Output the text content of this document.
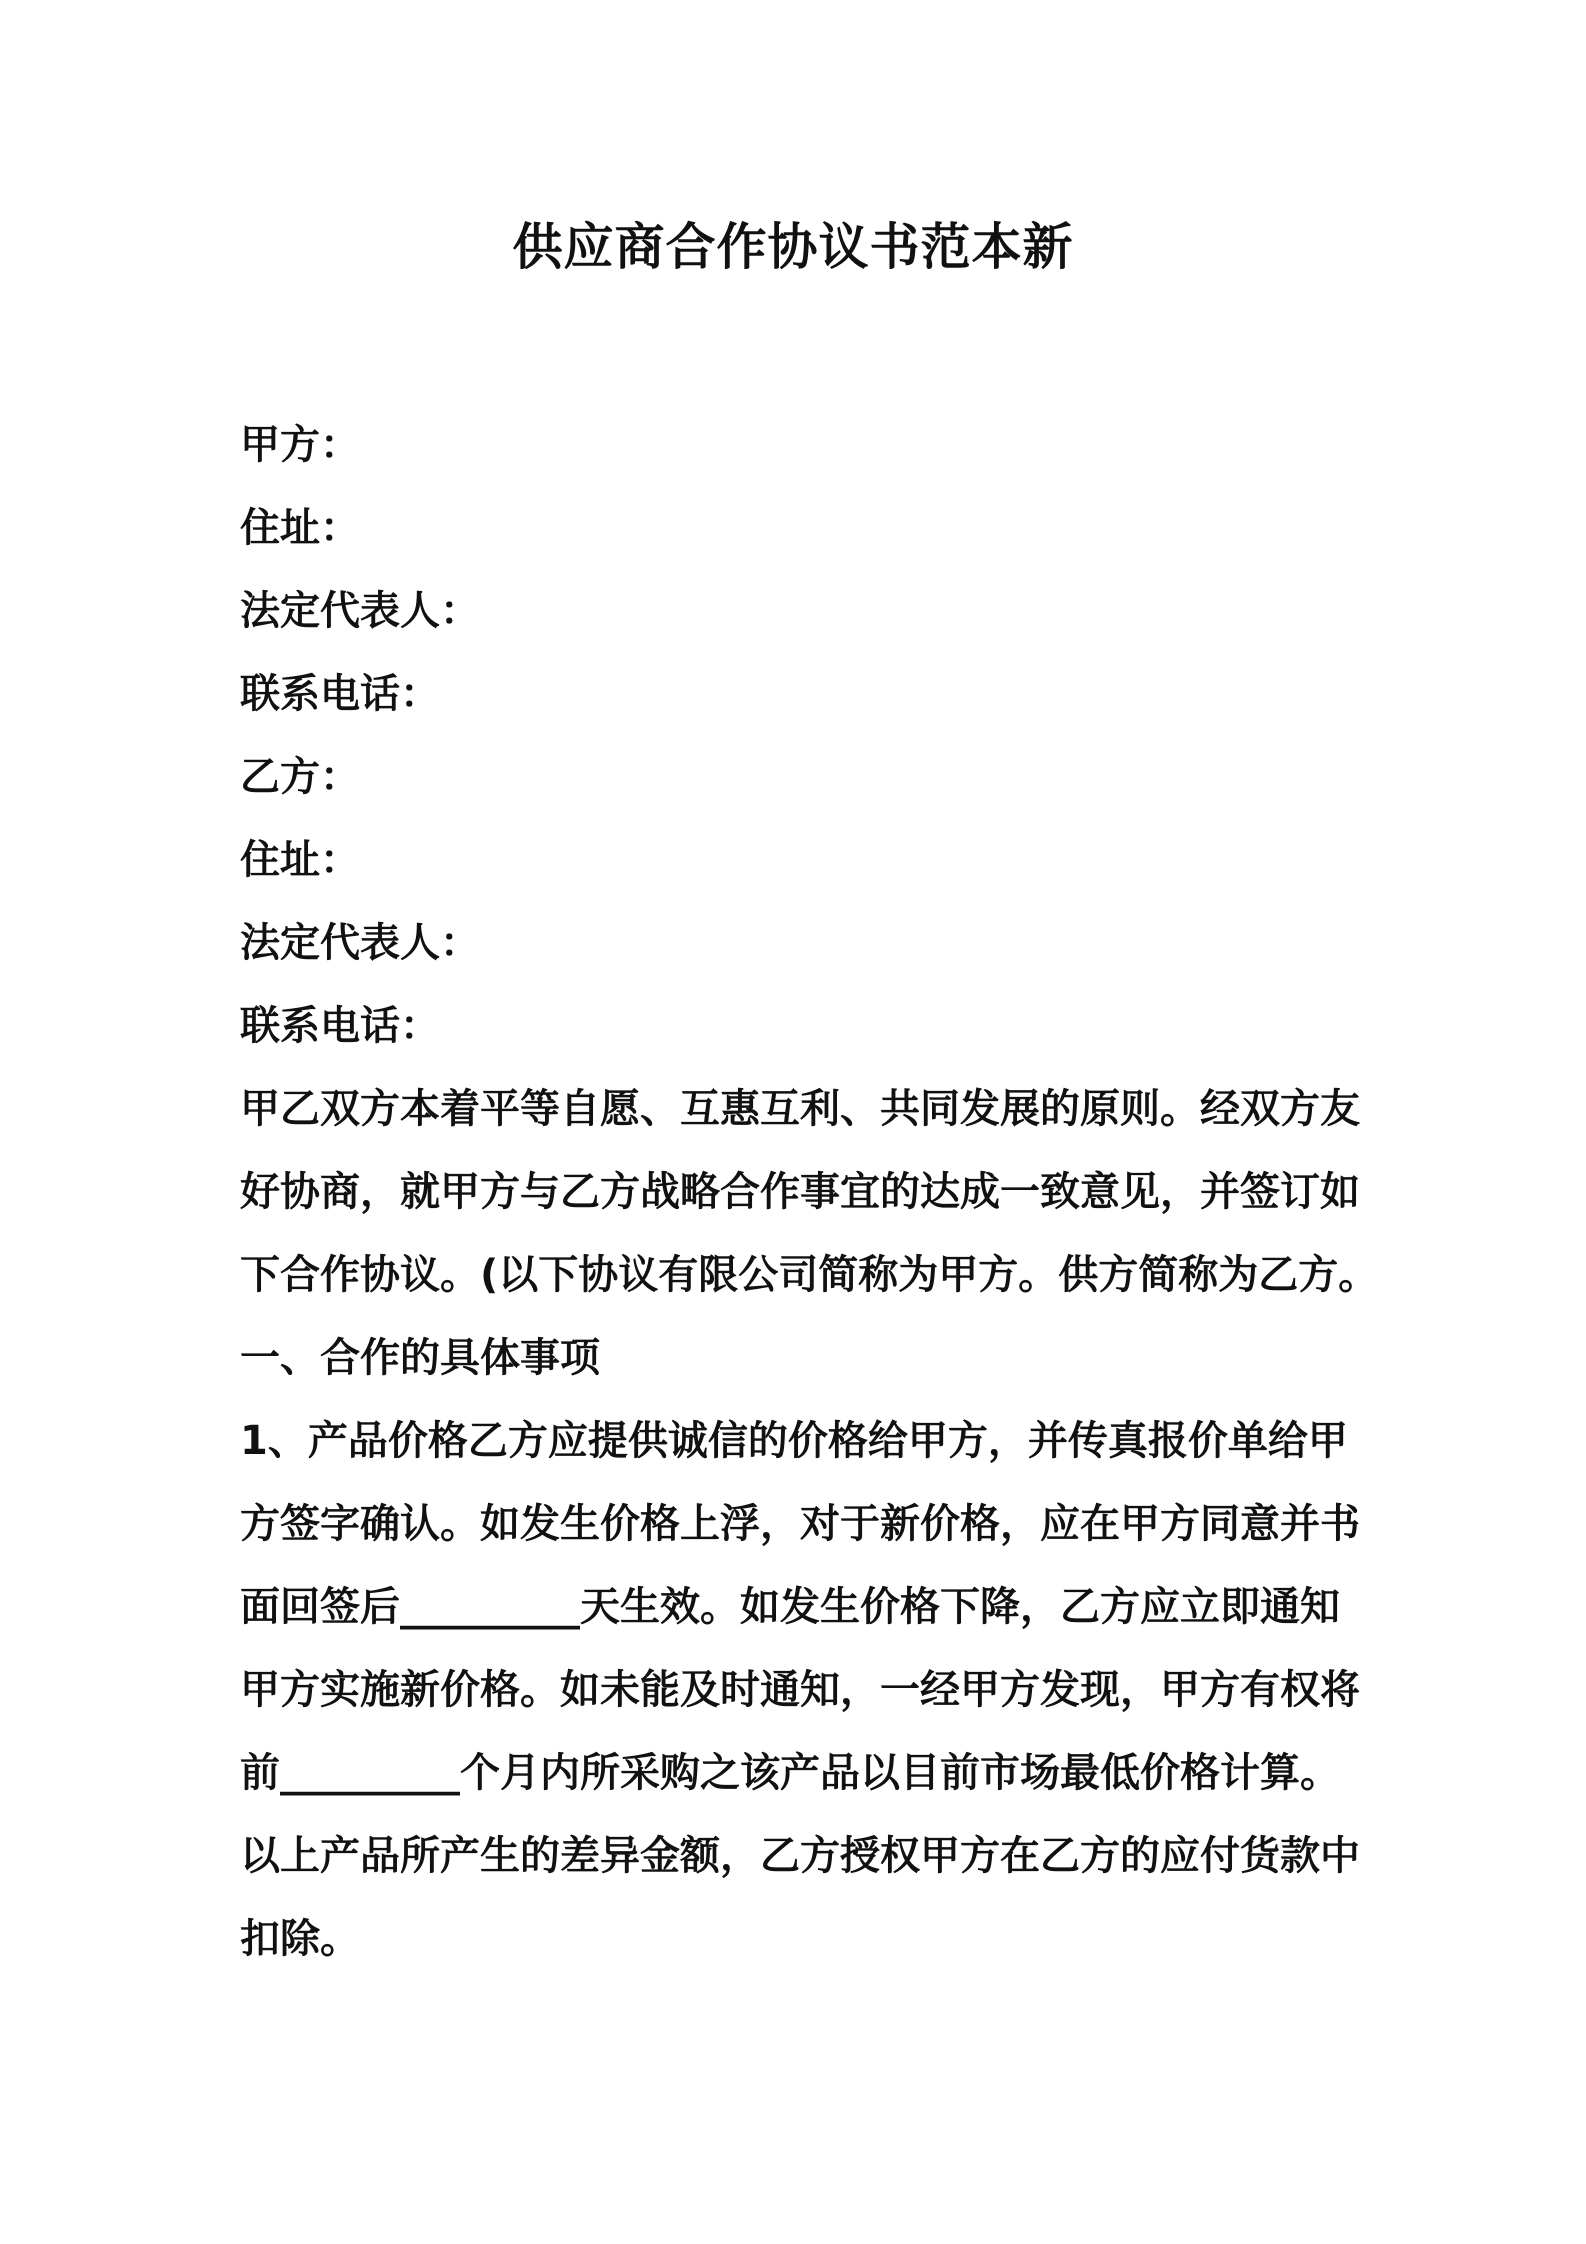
供应商合作协议书范本新
甲方：
住址：
法定代表人：
联系电话：
乙方：
住址：
法定代表人：
联系电话：

甲乙双方本着平等自愿、互惠互利、共同发展的原则。经双方友
好协商，就甲方与乙方战略合作事宜的达成一致意见，并签订如
下合作协议。(以下协议有限公司简称为甲方。供方简称为乙方。

一、合作的具体事项

1、产品价格乙方应提供诚信的价格给甲方，并传真报价单给甲
方签字确认。如发生价格上浮，对于新价格，应在甲方同意并书
面回签后_________天生效。如发生价格下降，乙方应立即通知
甲方实施新价格。如未能及时通知，一经甲方发现，甲方有权将
前_________个月内所采购之该产品以目前市场最低价格计算。
以上产品所产生的差异金额，乙方授权甲方在乙方的应付货款中
扣除。
